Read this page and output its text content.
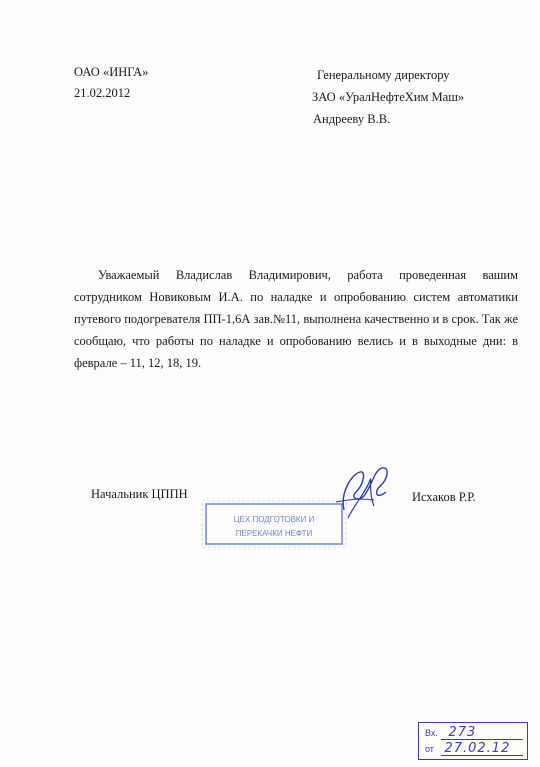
ОАО «ИНГА»
21.02.2012
Генеральному директору
ЗАО «УралНефтеХим Маш»
Андрееву В.В.

Уважаемый Владислав Владимирович, работа проведенная вашим сотрудником Новиковым И.А. по наладке и опробованию систем автоматики путевого подогревателя ПП-1,6А зав.№11, выполнена качественно и в срок. Так же сообщаю, что работы по наладке и опробованию велись и в выходные дни: в феврале – 11, 12, 18, 19.

Начальник ЦППН
ЦЕХ ПОДГОТОВКИ И
ПЕРЕКАЧКИ НЕФТИ
Исхаков Р.Р.
Вх. 273
от 27.02.12
